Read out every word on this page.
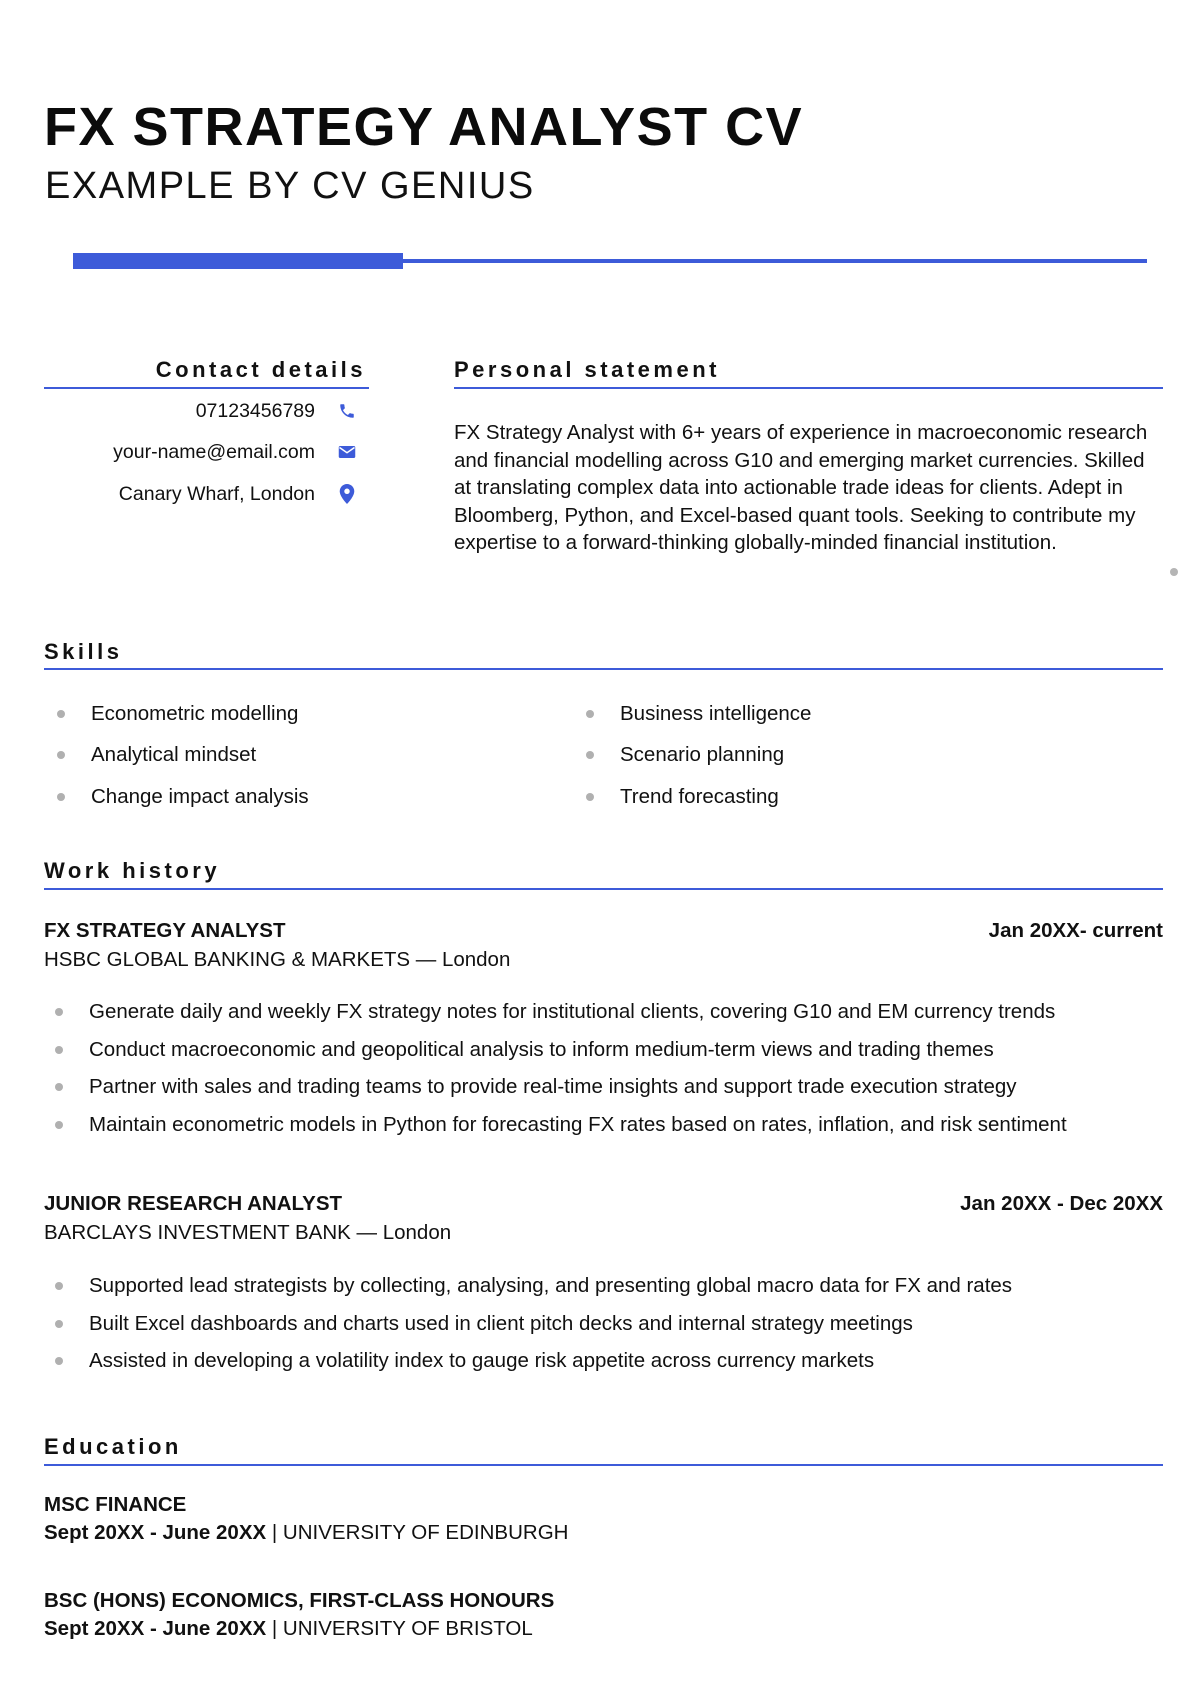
FX STRATEGY ANALYST CV
EXAMPLE BY CV GENIUS
Contact details
07123456789
your-name@email.com
Canary Wharf, London
Personal statement
FX Strategy Analyst with 6+ years of experience in macroeconomic research and financial modelling across G10 and emerging market currencies. Skilled at translating complex data into actionable trade ideas for clients. Adept in Bloomberg, Python, and Excel-based quant tools. Seeking to contribute my expertise to a forward-thinking globally-minded financial institution.
Skills
Econometric modelling
Analytical mindset
Change impact analysis
Business intelligence
Scenario planning
Trend forecasting
Work history
FX STRATEGY ANALYST	Jan 20XX- current
HSBC GLOBAL BANKING & MARKETS — London
Generate daily and weekly FX strategy notes for institutional clients, covering G10 and EM currency trends
Conduct macroeconomic and geopolitical analysis to inform medium-term views and trading themes
Partner with sales and trading teams to provide real-time insights and support trade execution strategy
Maintain econometric models in Python for forecasting FX rates based on rates, inflation, and risk sentiment
JUNIOR RESEARCH ANALYST	Jan 20XX - Dec 20XX
BARCLAYS INVESTMENT BANK — London
Supported lead strategists by collecting, analysing, and presenting global macro data for FX and rates
Built Excel dashboards and charts used in client pitch decks and internal strategy meetings
Assisted in developing a volatility index to gauge risk appetite across currency markets
Education
MSC FINANCE
Sept 20XX - June 20XX | UNIVERSITY OF EDINBURGH
BSC (HONS) ECONOMICS, FIRST-CLASS HONOURS
Sept 20XX - June 20XX | UNIVERSITY OF BRISTOL
